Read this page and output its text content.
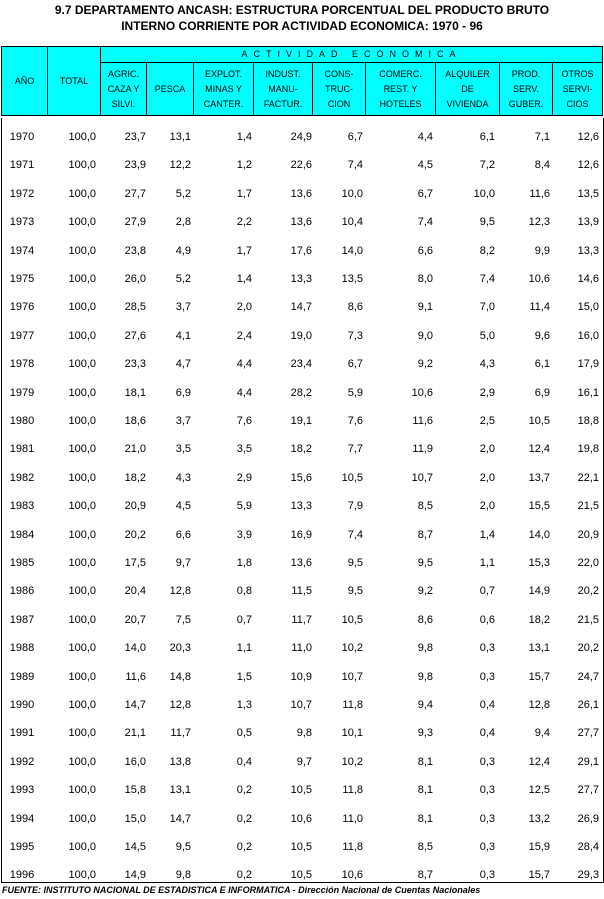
9.7 DEPARTAMENTO ANCASH: ESTRUCTURA PORCENTUAL DEL PRODUCTO BRUTO
INTERNO CORRIENTE POR ACTIVIDAD ECONOMICA: 1970 - 96
AÑO	TOTAL	ACTIVIDAD ECONOMICA								
		AGRIC.
CAZA Y
SILVI.	PESCA	EXPLOT.
MINAS Y
CANTER.	INDUST.
MANU-
FACTUR.	CONS-
TRUC-
CION	COMERC.
REST. Y
HOTELES	ALQUILER
DE
VIVIENDA	PROD.
SERV.
GUBER.	OTROS
SERVI-
CIOS
1970	100,0	23,7	13,1	1,4	24,9	6,7	4,4	6,1	7,1	12,6
1971	100,0	23,9	12,2	1,2	22,6	7,4	4,5	7,2	8,4	12,6
1972	100,0	27,7	5,2	1,7	13,6	10,0	6,7	10,0	11,6	13,5
1973	100,0	27,9	2,8	2,2	13,6	10,4	7,4	9,5	12,3	13,9
1974	100,0	23,8	4,9	1,7	17,6	14,0	6,6	8,2	9,9	13,3
1975	100,0	26,0	5,2	1,4	13,3	13,5	8,0	7,4	10,6	14,6
1976	100,0	28,5	3,7	2,0	14,7	8,6	9,1	7,0	11,4	15,0
1977	100,0	27,6	4,1	2,4	19,0	7,3	9,0	5,0	9,6	16,0
1978	100,0	23,3	4,7	4,4	23,4	6,7	9,2	4,3	6,1	17,9
1979	100,0	18,1	6,9	4,4	28,2	5,9	10,6	2,9	6,9	16,1
1980	100,0	18,6	3,7	7,6	19,1	7,6	11,6	2,5	10,5	18,8
1981	100,0	21,0	3,5	3,5	18,2	7,7	11,9	2,0	12,4	19,8
1982	100,0	18,2	4,3	2,9	15,6	10,5	10,7	2,0	13,7	22,1
1983	100,0	20,9	4,5	5,9	13,3	7,9	8,5	2,0	15,5	21,5
1984	100,0	20,2	6,6	3,9	16,9	7,4	8,7	1,4	14,0	20,9
1985	100,0	17,5	9,7	1,8	13,6	9,5	9,5	1,1	15,3	22,0
1986	100,0	20,4	12,8	0,8	11,5	9,5	9,2	0,7	14,9	20,2
1987	100,0	20,7	7,5	0,7	11,7	10,5	8,6	0,6	18,2	21,5
1988	100,0	14,0	20,3	1,1	11,0	10,2	9,8	0,3	13,1	20,2
1989	100,0	11,6	14,8	1,5	10,9	10,7	9,8	0,3	15,7	24,7
1990	100,0	14,7	12,8	1,3	10,7	11,8	9,4	0,4	12,8	26,1
1991	100,0	21,1	11,7	0,5	9,8	10,1	9,3	0,4	9,4	27,7
1992	100,0	16,0	13,8	0,4	9,7	10,2	8,1	0,3	12,4	29,1
1993	100,0	15,8	13,1	0,2	10,5	11,8	8,1	0,3	12,5	27,7
1994	100,0	15,0	14,7	0,2	10,6	11,0	8,1	0,3	13,2	26,9
1995	100,0	14,5	9,5	0,2	10,5	11,8	8,5	0,3	15,9	28,4
1996	100,0	14,9	9,8	0,2	10,5	10,6	8,7	0,3	15,7	29,3
FUENTE: INSTITUTO NACIONAL DE ESTADISTICA E INFORMATICA - Dirección Nacional de Cuentas Nacionales
